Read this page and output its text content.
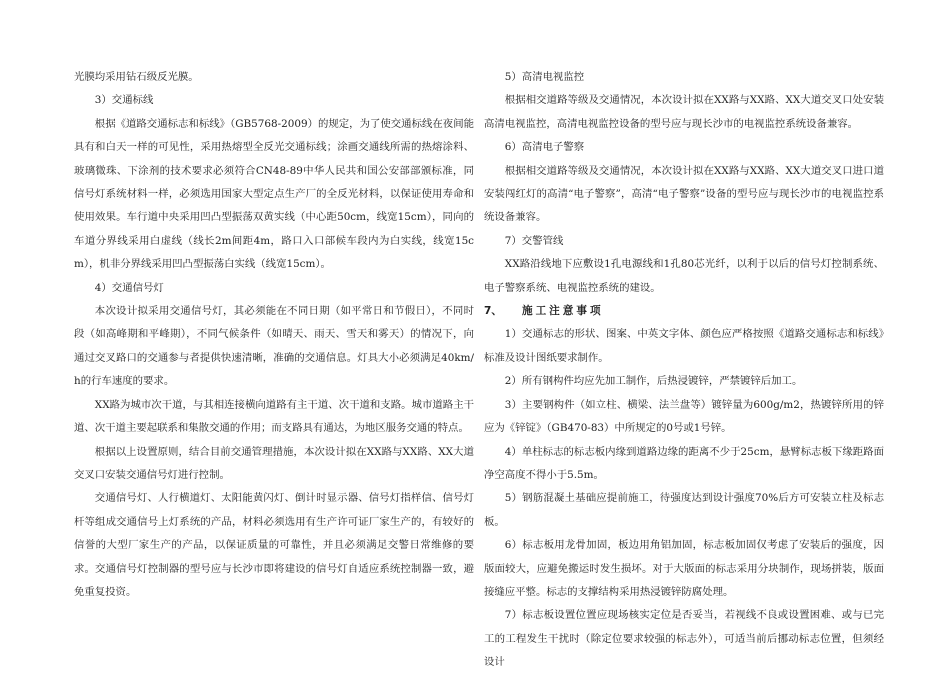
光膜均采用钻石级反光膜。

3）交通标线

根据《道路交通标志和标线》（GB5768-2009）的规定，为了使交通标线在夜间能具有和白天一样的可见性，采用热熔型全反光交通标线；涂画交通线所需的热熔涂料、玻璃微珠、下涂剂的技术要求必须符合CN48-89中华人民共和国公安部部颁标准，同信号灯系统材料一样，必须选用国家大型定点生产厂的全反光材料，以保证使用寿命和使用效果。车行道中央采用凹凸型振荡双黄实线（中心距50cm，线宽15cm），同向的车道分界线采用白虚线（线长2m间距4m，路口入口部候车段内为白实线，线宽15cm），机非分界线采用凹凸型振荡白实线（线宽15cm）。

4）交通信号灯

本次设计拟采用交通信号灯，其必须能在不同日期（如平常日和节假日），不同时段（如高峰期和平峰期），不同气候条件（如晴天、雨天、雪天和雾天）的情况下，向通过交叉路口的交通参与者提供快速清晰，准确的交通信息。灯具大小必须满足40km/h的行车速度的要求。

XX路为城市次干道，与其相连接横向道路有主干道、次干道和支路。城市道路主干道、次干道主要起联系和集散交通的作用；而支路具有通达，为地区服务交通的特点。

根据以上设置原则，结合目前交通管理措施，本次设计拟在XX路与XX路、XX大道交叉口安装交通信号灯进行控制。

交通信号灯、人行横道灯、太阳能黄闪灯、倒计时显示器、信号灯指样信、信号灯杆等组成交通信号上灯系统的产品，材料必须选用有生产许可证厂家生产的，有较好的信誉的大型厂家生产的产品，以保证质量的可靠性，并且必须满足交警日常维修的要求。交通信号灯控制器的型号应与长沙市即将建设的信号灯自适应系统控制器一致，避免重复投资。

5）高清电视监控

根据相交道路等级及交通情况，本次设计拟在XX路与XX路、XX大道交叉口处安装高清电视监控，高清电视监控设备的型号应与现长沙市的电视监控系统设备兼容。

6）高清电子警察

根据相交道路等级及交通情况，本次设计拟在XX路与XX路、XX大道交叉口进口道安装闯红灯的高清“电子警察”，高清“电子警察”设备的型号应与现长沙市的电视监控系统设备兼容。

7）交警管线

XX路沿线地下应敷设1孔电源线和1孔80芯光纤，以利于以后的信号灯控制系统、电子警察系统、电视监控系统的建设。

7、 施工注意事项

1）交通标志的形状、图案、中英文字体、颜色应严格按照《道路交通标志和标线》标准及设计图纸要求制作。

2）所有钢构件均应先加工制作，后热浸镀锌，严禁镀锌后加工。

3）主要钢构件（如立柱、横梁、法兰盘等）镀锌量为600g/m2，热镀锌所用的锌应为《锌锭》（GB470-83）中所规定的0号或1号锌。

4）单柱标志的标志板内缘到道路边缘的距离不少于25cm，悬臂标志板下缘距路面净空高度不得小于5.5m。

5）钢筋混凝土基础应提前施工，待强度达到设计强度70%后方可安装立柱及标志板。

6）标志板用龙骨加固，板边用角铝加固，标志板加固仅考虑了安装后的强度，因版面较大，应避免搬运时发生损坏。对于大版面的标志采用分块制作，现场拼装，版面接缝应平整。标志的支撑结构采用热浸镀锌防腐处理。

7）标志板设置位置应现场核实定位是否妥当，若视线不良或设置困难、或与已完工的工程发生干扰时（除定位要求较强的标志外），可适当前后挪动标志位置，但须经设计
